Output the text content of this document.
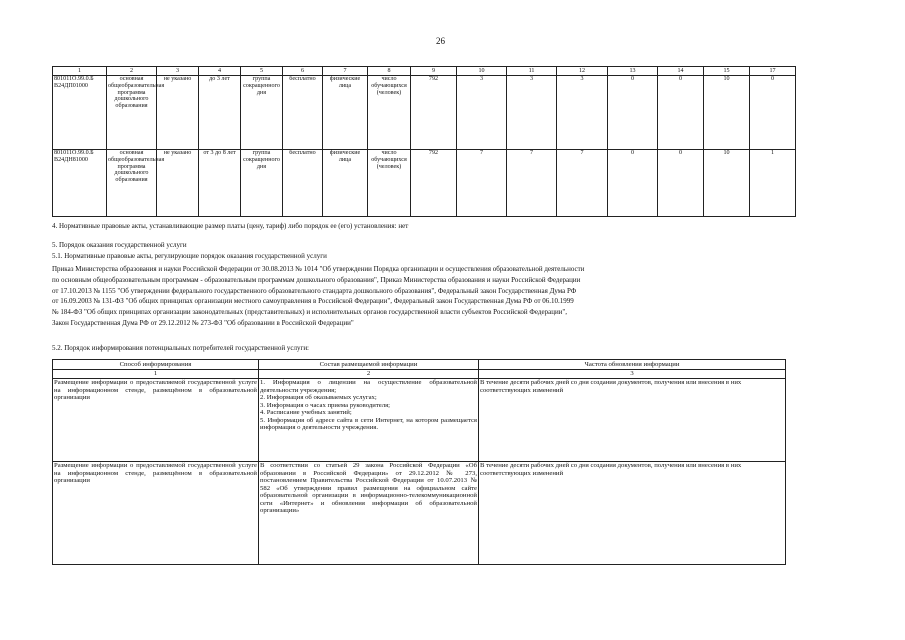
26
1	2	3	4	5	6	7	8	9	10	11	12	13	14	15	17
801011О.99.0.Б В24ДП01000	основная общеобразовательная программа дошкольного образования	не указано	до 3 лет	группа сокращенного дня	бесплатно	физические лица	число обучающихся (человек)	792	3	3	3	0	0	10	0
801011О.99.0.Б В24ДН81000	основная общеобразовательная программа дошкольного образования	не указано	от 3 до 8 лет	группа сокращенного дня	бесплатно	физические лица	число обучающихся (человек)	792	7	7	7	0	0	10	1
4. Нормативные правовые акты, устанавливающие размер платы (цену, тариф) либо порядок ее (его) установления: нет
5. Порядок оказания государственной услуги
5.1. Нормативные правовые акты, регулирующие порядок оказания государственной услуги
Приказ Министерства образования и науки Российской Федерации от 30.08.2013 № 1014 "Об утверждении Порядка организации и осуществления образовательной деятельности
по основным общеобразовательным программам - образовательным программам дошкольного образования", Приказ Министерства образования и науки Российской Федерации
от 17.10.2013 № 1155 "Об утверждении федерального государственного образовательного стандарта дошкольного образования", Федеральный закон Государственная Дума РФ
от 16.09.2003 № 131-ФЗ "Об общих принципах организации местного самоуправления в Российской Федерации", Федеральный закон Государственная Дума РФ от 06.10.1999
№ 184-ФЗ "Об общих принципах организации законодательных (представительных) и исполнительных органов государственной власти субъектов Российской Федерации",
Закон Государственная Дума РФ от 29.12.2012 № 273-ФЗ "Об образовании в Российской Федерации"
5.2. Порядок информирования потенциальных потребителей государственной услуги:
Способ информирования	Состав размещаемой информации	Частота обновления информации
1	2	3
Размещение информации о предоставляемой государственной услуге на информационном стенде, размещённом в образовательной организации	1. Информация о лицензии на осуществление образовательной деятельности учреждения;
2. Информация об оказываемых услугах;
3. Информация о часах приема руководителя;
4. Расписание учебных занятий;
5. Информация об адресе сайта в сети Интернет, на котором размещается информация о деятельности учреждения.	В течение десяти рабочих дней со дня создания документов, получения или внесения в них соответствующих изменений
Размещение информации о предоставляемой государственной услуге на информационном стенде, размещённом в образовательной организации	В соответствии со статьей 29 закона Российской Федерации «Об образовании в Российской Федерации» от 29.12.2012 № 273, постановлением Правительства Российской Федерации от 10.07.2013 № 582 «Об утверждении правил размещения на официальном сайте образовательной организации в информационно-телекоммуникационной сети «Интернет» и обновления информации об образовательной организации»	В течение десяти рабочих дней со дня создания документов, получения или внесения в них соответствующих изменений
